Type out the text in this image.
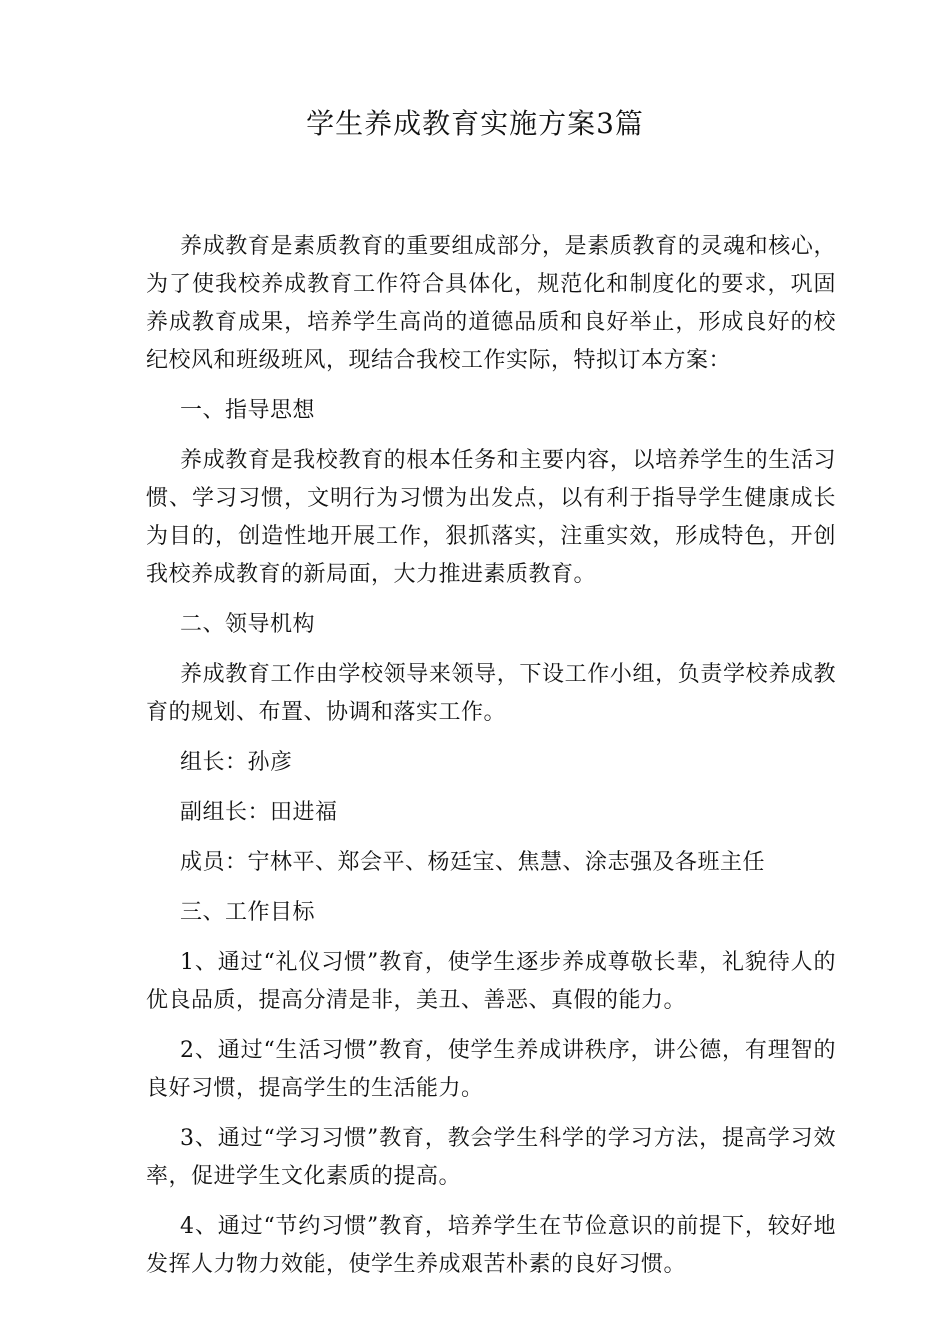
学生养成教育实施方案3篇

养成教育是素质教育的重要组成部分，是素质教育的灵魂和核心，为了使我校养成教育工作符合具体化，规范化和制度化的要求，巩固养成教育成果，培养学生高尚的道德品质和良好举止，形成良好的校纪校风和班级班风，现结合我校工作实际，特拟订本方案：

一、指导思想

养成教育是我校教育的根本任务和主要内容，以培养学生的生活习惯、学习习惯，文明行为习惯为出发点，以有利于指导学生健康成长为目的，创造性地开展工作，狠抓落实，注重实效，形成特色，开创我校养成教育的新局面，大力推进素质教育。

二、领导机构

养成教育工作由学校领导来领导，下设工作小组，负责学校养成教育的规划、布置、协调和落实工作。

组长：孙彦

副组长：田进福

成员：宁林平、郑会平、杨廷宝、焦慧、涂志强及各班主任

三、工作目标

1、通过“礼仪习惯”教育，使学生逐步养成尊敬长辈，礼貌待人的优良品质，提高分清是非，美丑、善恶、真假的能力。

2、通过“生活习惯”教育，使学生养成讲秩序，讲公德，有理智的良好习惯，提高学生的生活能力。

3、通过“学习习惯”教育，教会学生科学的学习方法，提高学习效率，促进学生文化素质的提高。

4、通过“节约习惯”教育，培养学生在节俭意识的前提下，较好地发挥人力物力效能，使学生养成艰苦朴素的良好习惯。
